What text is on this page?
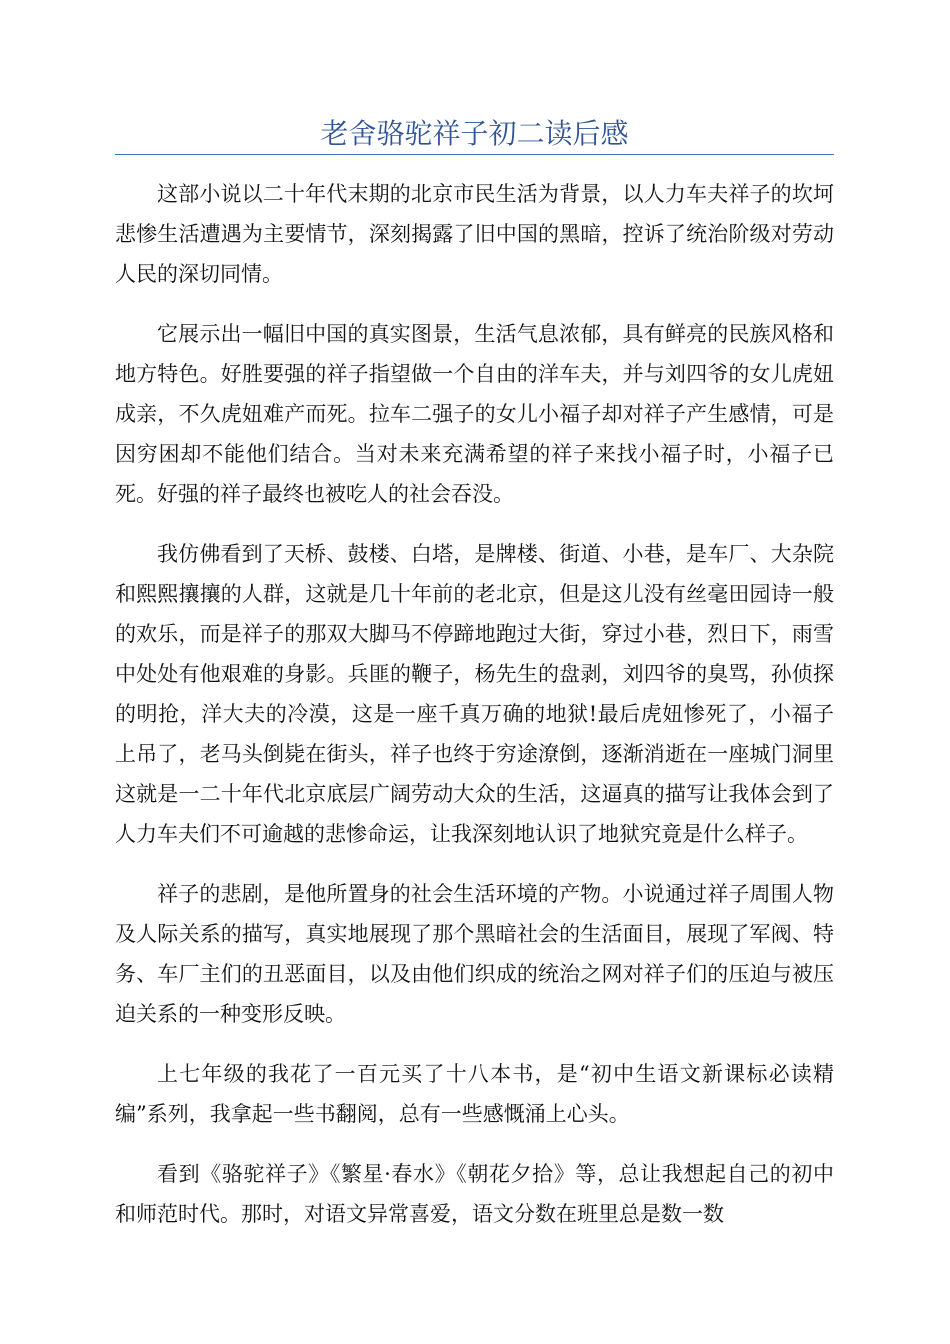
老舍骆驼祥子初二读后感

这部小说以二十年代末期的北京市民生活为背景，以人力车夫祥子的坎坷悲惨生活遭遇为主要情节，深刻揭露了旧中国的黑暗，控诉了统治阶级对劳动人民的深切同情。

它展示出一幅旧中国的真实图景，生活气息浓郁，具有鲜亮的民族风格和地方特色。好胜要强的祥子指望做一个自由的洋车夫，并与刘四爷的女儿虎妞成亲，不久虎妞难产而死。拉车二强子的女儿小福子却对祥子产生感情，可是因穷困却不能他们结合。当对未来充满希望的祥子来找小福子时，小福子已死。好强的祥子最终也被吃人的社会吞没。

我仿佛看到了天桥、鼓楼、白塔，是牌楼、街道、小巷，是车厂、大杂院和熙熙攘攘的人群，这就是几十年前的老北京，但是这儿没有丝毫田园诗一般的欢乐，而是祥子的那双大脚马不停蹄地跑过大街，穿过小巷，烈日下，雨雪中处处有他艰难的身影。兵匪的鞭子，杨先生的盘剥，刘四爷的臭骂，孙侦探的明抢，洋大夫的冷漠，这是一座千真万确的地狱!最后虎妞惨死了，小福子上吊了，老马头倒毙在街头，祥子也终于穷途潦倒，逐渐消逝在一座城门洞里这就是一二十年代北京底层广阔劳动大众的生活，这逼真的描写让我体会到了人力车夫们不可逾越的悲惨命运，让我深刻地认识了地狱究竟是什么样子。

祥子的悲剧，是他所置身的社会生活环境的产物。小说通过祥子周围人物及人际关系的描写，真实地展现了那个黑暗社会的生活面目，展现了军阀、特务、车厂主们的丑恶面目，以及由他们织成的统治之网对祥子们的压迫与被压迫关系的一种变形反映。

上七年级的我花了一百元买了十八本书，是“初中生语文新课标必读精编”系列，我拿起一些书翻阅，总有一些感慨涌上心头。

看到《骆驼祥子》《繁星·春水》《朝花夕拾》等，总让我想起自己的初中和师范时代。那时，对语文异常喜爱，语文分数在班里总是数一数
